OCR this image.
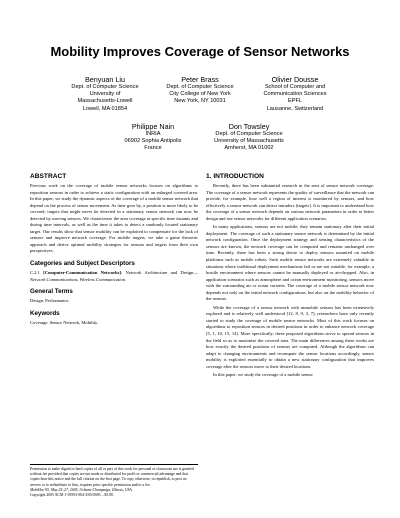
Mobility Improves Coverage of Sensor Networks
Benyuan Liu
Dept. of Computer Science
University of
Massachusetts-Lowell
Lowell, MA 01854
Peter Brass
Dept. of Computer Science
City College of New York
New York, NY 10031
Olivier Dousse
School of Computer and
Communication Sciences
EPFL
Lausanne, Switzerland
Philippe Nain
INRIA
06902 Sophia Antipolis
France
Don Towsley
Dept. of Computer Science
University of Massachusetts
Amherst, MA 01002
ABSTRACT

Previous work on the coverage of mobile sensor networks focuses on algorithms to reposition sensors in order to achieve a static configuration with an enlarged covered area. In this paper, we study the dynamic aspects of the coverage of a mobile sensor network that depend on the process of sensor movement. As time goes by, a position is more likely to be covered; targets that might never be detected in a stationary sensor network can now be detected by moving sensors. We characterize the area coverage at specific time instants and during time intervals, as well as the time it takes to detect a randomly located stationary target. Our results show that sensor mobility can be exploited to compensate for the lack of sensors and improve network coverage. For mobile targets, we take a game theoretic approach and derive optimal mobility strategies for sensors and targets from their own perspectives.

Categories and Subject Descriptors

C.2.1 [Computer-Communication Networks]: Network Architecture and Design—Network Communications, Wireless Communication.

General Terms

Design, Performance.

Keywords

Coverage, Sensor Network, Mobility.

Permission to make digital or hard copies of all or part of this work for personal or classroom use is granted without fee provided that copies are not made or distributed for profit or commercial advantage and that copies bear this notice and the full citation on the first page. To copy otherwise, to republish, to post on servers or to redistribute to lists, requires prior specific permission and/or a fee.
MobiHoc'05, May 25–27, 2005, Urbana-Champaign, Illinois, USA.
Copyright 2005 ACM 1-59593-004-3/05/0005 ...$5.00.
1. INTRODUCTION

Recently, there has been substantial research in the area of sensor network coverage. The coverage of a sensor network represents the quality of surveillance that the network can provide, for example, how well a region of interest is monitored by sensors, and how effectively a sensor network can detect intruders [targets]. It is important to understand how the coverage of a sensor network depends on various network parameters in order to better design and use sensor networks for different application scenarios.

In many applications, sensors are not mobile; they remain stationary after their initial deployment. The coverage of such a stationary sensor network is determined by the initial network configuration. Once the deployment strategy and sensing characteristics of the sensors are known, the network coverage can be computed and remains unchanged over time. Recently, there has been a strong desire to deploy sensors mounted on mobile platforms such as mobile robots. Such mobile sensor networks are extremely valuable in situations where traditional deployment mechanisms fail or are not suitable, for example, a hostile environment where sensors cannot be manually deployed or air-dropped. Also, in application scenarios such as atmosphere and ocean environment monitoring, sensors move with the surrounding air or ocean currents. The coverage of a mobile sensor network now depends not only on the initial network configurations, but also on the mobility behavior of the sensors.

While the coverage of a sensor network with immobile sensors has been extensively explored and is relatively well understood [12, 8, 9, 3, 7], researchers have only recently started to study the coverage of mobile sensor networks. Most of this work focuses on algorithms to reposition sensors in desired positions in order to enhance network coverage [5, 1, 10, 15, 14]. More specifically, these proposed algorithms strive to spread sensors in the field so as to maximize the covered area. The main differences among these works are how exactly the desired positions of sensors are computed. Although the algorithms can adapt to changing environments and recompute the sensor locations accordingly, sensor mobility is exploited essentially to obtain a new stationary configuration that improves coverage after the sensors move to their desired locations.

In this paper, we study the coverage of a mobile sensor
